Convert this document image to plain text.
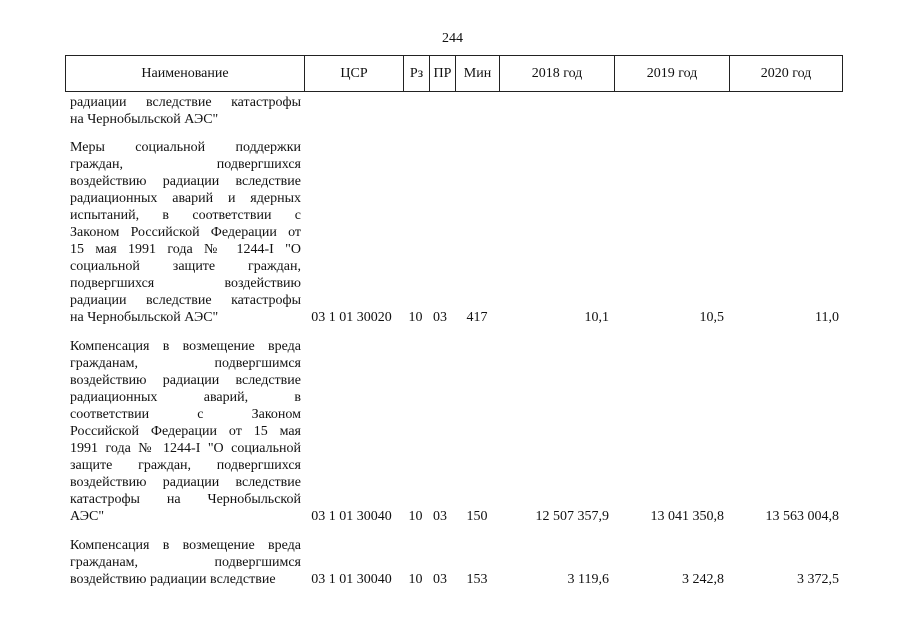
244
Наименование	ЦСР	Рз ПР Мин	2018 год	2019 год	2020 год
радиации вследствие катастрофы
на Чернобыльской АЭС"
Меры социальной поддержки
граждан, подвергшихся
воздействию радиации вследствие
радиационных аварий и ядерных
испытаний, в соответствии с
Законом Российской Федерации от
15 мая 1991 года № 1244-I "О
социальной защите граждан,
подвергшихся воздействию
радиации вследствие катастрофы
на Чернобыльской АЭС"	03 1 01 30020	10 03	417	10,1	10,5	11,0
Компенсация в возмещение вреда
гражданам, подвергшимся
воздействию радиации вследствие
радиационных аварий, в
соответствии с Законом
Российской Федерации от 15 мая
1991 года № 1244-I "О социальной
защите граждан, подвергшихся
воздействию радиации вследствие
катастрофы на Чернобыльской
АЭС"	03 1 01 30040	10 03	150	12 507 357,9	13 041 350,8	13 563 004,8
Компенсация в возмещение вреда
гражданам, подвергшимся
воздействию радиации вследствие	03 1 01 30040	10 03	153	3 119,6	3 242,8	3 372,5
